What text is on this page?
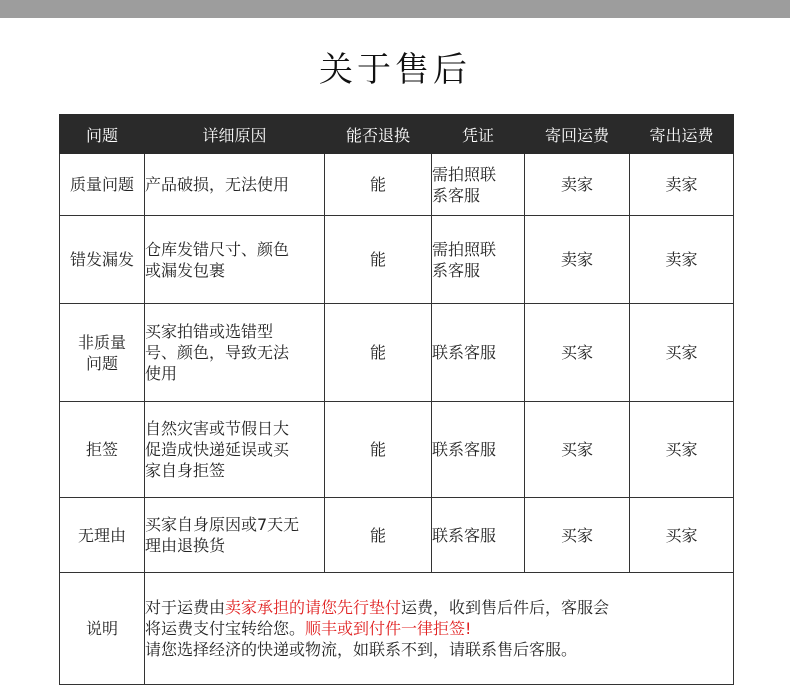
关于售后
问题	详细原因	能否退换	凭证	寄回运费	寄出运费
质量问题	产品破损，无法使用	能	需拍照联系客服	卖家	卖家
错发漏发	仓库发错尺寸、颜色或漏发包裹	能	需拍照联系客服	卖家	卖家
非质量问题	买家拍错或选错型号、颜色，导致无法使用	能	联系客服	买家	买家
拒签	自然灾害或节假日大促造成快递延误或买家自身拒签	能	联系客服	买家	买家
无理由	买家自身原因或7天无理由退换货	能	联系客服	买家	买家
说明	对于运费由卖家承担的请您先行垫付运费，收到售后件后，客服会
将运费支付宝转给您。顺丰或到付件一律拒签!
请您选择经济的快递或物流，如联系不到，请联系售后客服。				
